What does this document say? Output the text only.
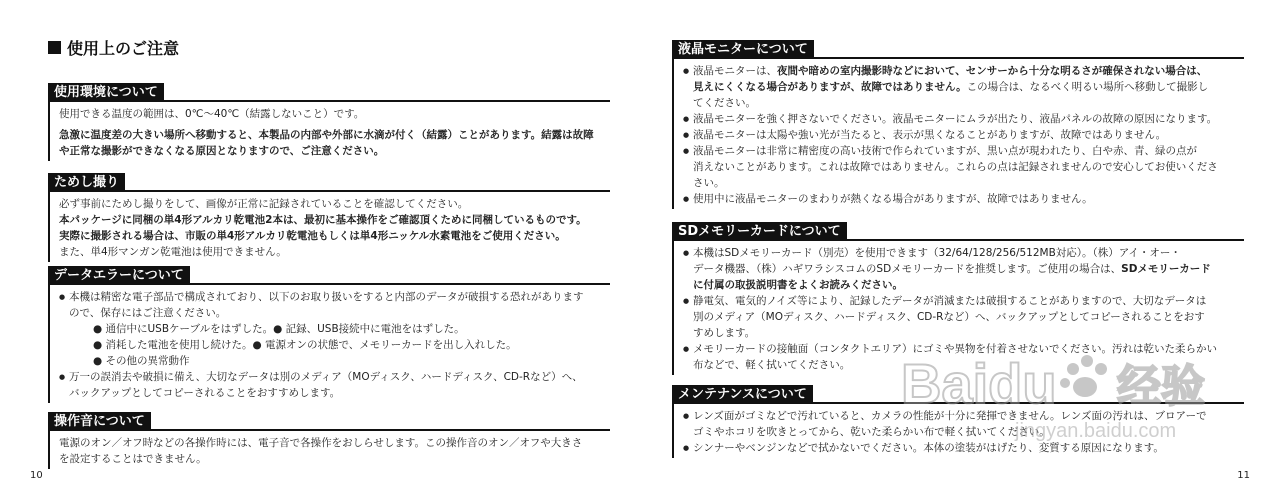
使用上のご注意
使用環境について

使用できる温度の範囲は、0℃～40℃（結露しないこと）です。

急激に温度差の大きい場所へ移動すると、本製品の内部や外部に水滴が付く（結露）ことがあります。結露は故障

や正常な撮影ができなくなる原因となりますので、ご注意ください。

ためし撮り

必ず事前にためし撮りをして、画像が正常に記録されていることを確認してください。

本パッケージに同梱の単4形アルカリ乾電池2本は、最初に基本操作をご確認頂くために同梱しているものです。

実際に撮影される場合は、市販の単4形アルカリ乾電池もしくは単4形ニッケル水素電池をご使用ください。

また、単4形マンガン乾電池は使用できません。

データエラーについて

● 本機は精密な電子部品で構成されており、以下のお取り扱いをすると内部のデータが破損する恐れがあります

ので、保存にはご注意ください。

● 通信中にUSBケーブルをはずした。● 記録、USB接続中に電池をはずした。

● 消耗した電池を使用し続けた。● 電源オンの状態で、メモリーカードを出し入れした。

● その他の異常動作

● 万一の誤消去や破損に備え、大切なデータは別のメディア（MOディスク、ハードディスク、CD-Rなど）へ、

バックアップとしてコピーされることをおすすめします。

操作音について

電源のオン／オフ時などの各操作時には、電子音で各操作をおしらせします。この操作音のオン／オフや大きさ

を設定することはできません。

10
液晶モニターについて

● 液晶モニターは、夜間や暗めの室内撮影時などにおいて、センサーから十分な明るさが確保されない場合は、

見えにくくなる場合がありますが、故障ではありません。この場合は、なるべく明るい場所へ移動して撮影し

てください。

● 液晶モニターを強く押さないでください。液晶モニターにムラが出たり、液晶パネルの故障の原因になります。

● 液晶モニターは太陽や強い光が当たると、表示が黒くなることがありますが、故障ではありません。

● 液晶モニターは非常に精密度の高い技術で作られていますが、黒い点が現われたり、白や赤、青、緑の点が

消えないことがあります。これは故障ではありません。これらの点は記録されませんので安心してお使いくださ

さい。

● 使用中に液晶モニターのまわりが熱くなる場合がありますが、故障ではありません。

SDメモリーカードについて

● 本機はSDメモリーカード（別売）を使用できます（32/64/128/256/512MB対応）。（株）アイ・オー・

データ機器、（株）ハギワラシスコムのSDメモリーカードを推奨します。ご使用の場合は、SDメモリーカード

に付属の取扱説明書をよくお読みください。

● 静電気、電気的ノイズ等により、記録したデータが消滅または破損することがありますので、大切なデータは

別のメディア（MOディスク、ハードディスク、CD-Rなど）へ、バックアップとしてコピーされることをおす

すめします。

● メモリーカードの接触面（コンタクトエリア）にゴミや異物を付着させないでください。汚れは乾いた柔らかい

布などで、軽く拭いてください。

メンテナンスについて

● レンズ面がゴミなどで汚れていると、カメラの性能が十分に発揮できません。レンズ面の汚れは、ブロアーで

ゴミやホコリを吹きとってから、乾いた柔らかい布で軽く拭いてください。

● シンナーやベンジンなどで拭かないでください。本体の塗装がはげたり、変質する原因になります。

11
Baidu 经验
jingyan.baidu.com
